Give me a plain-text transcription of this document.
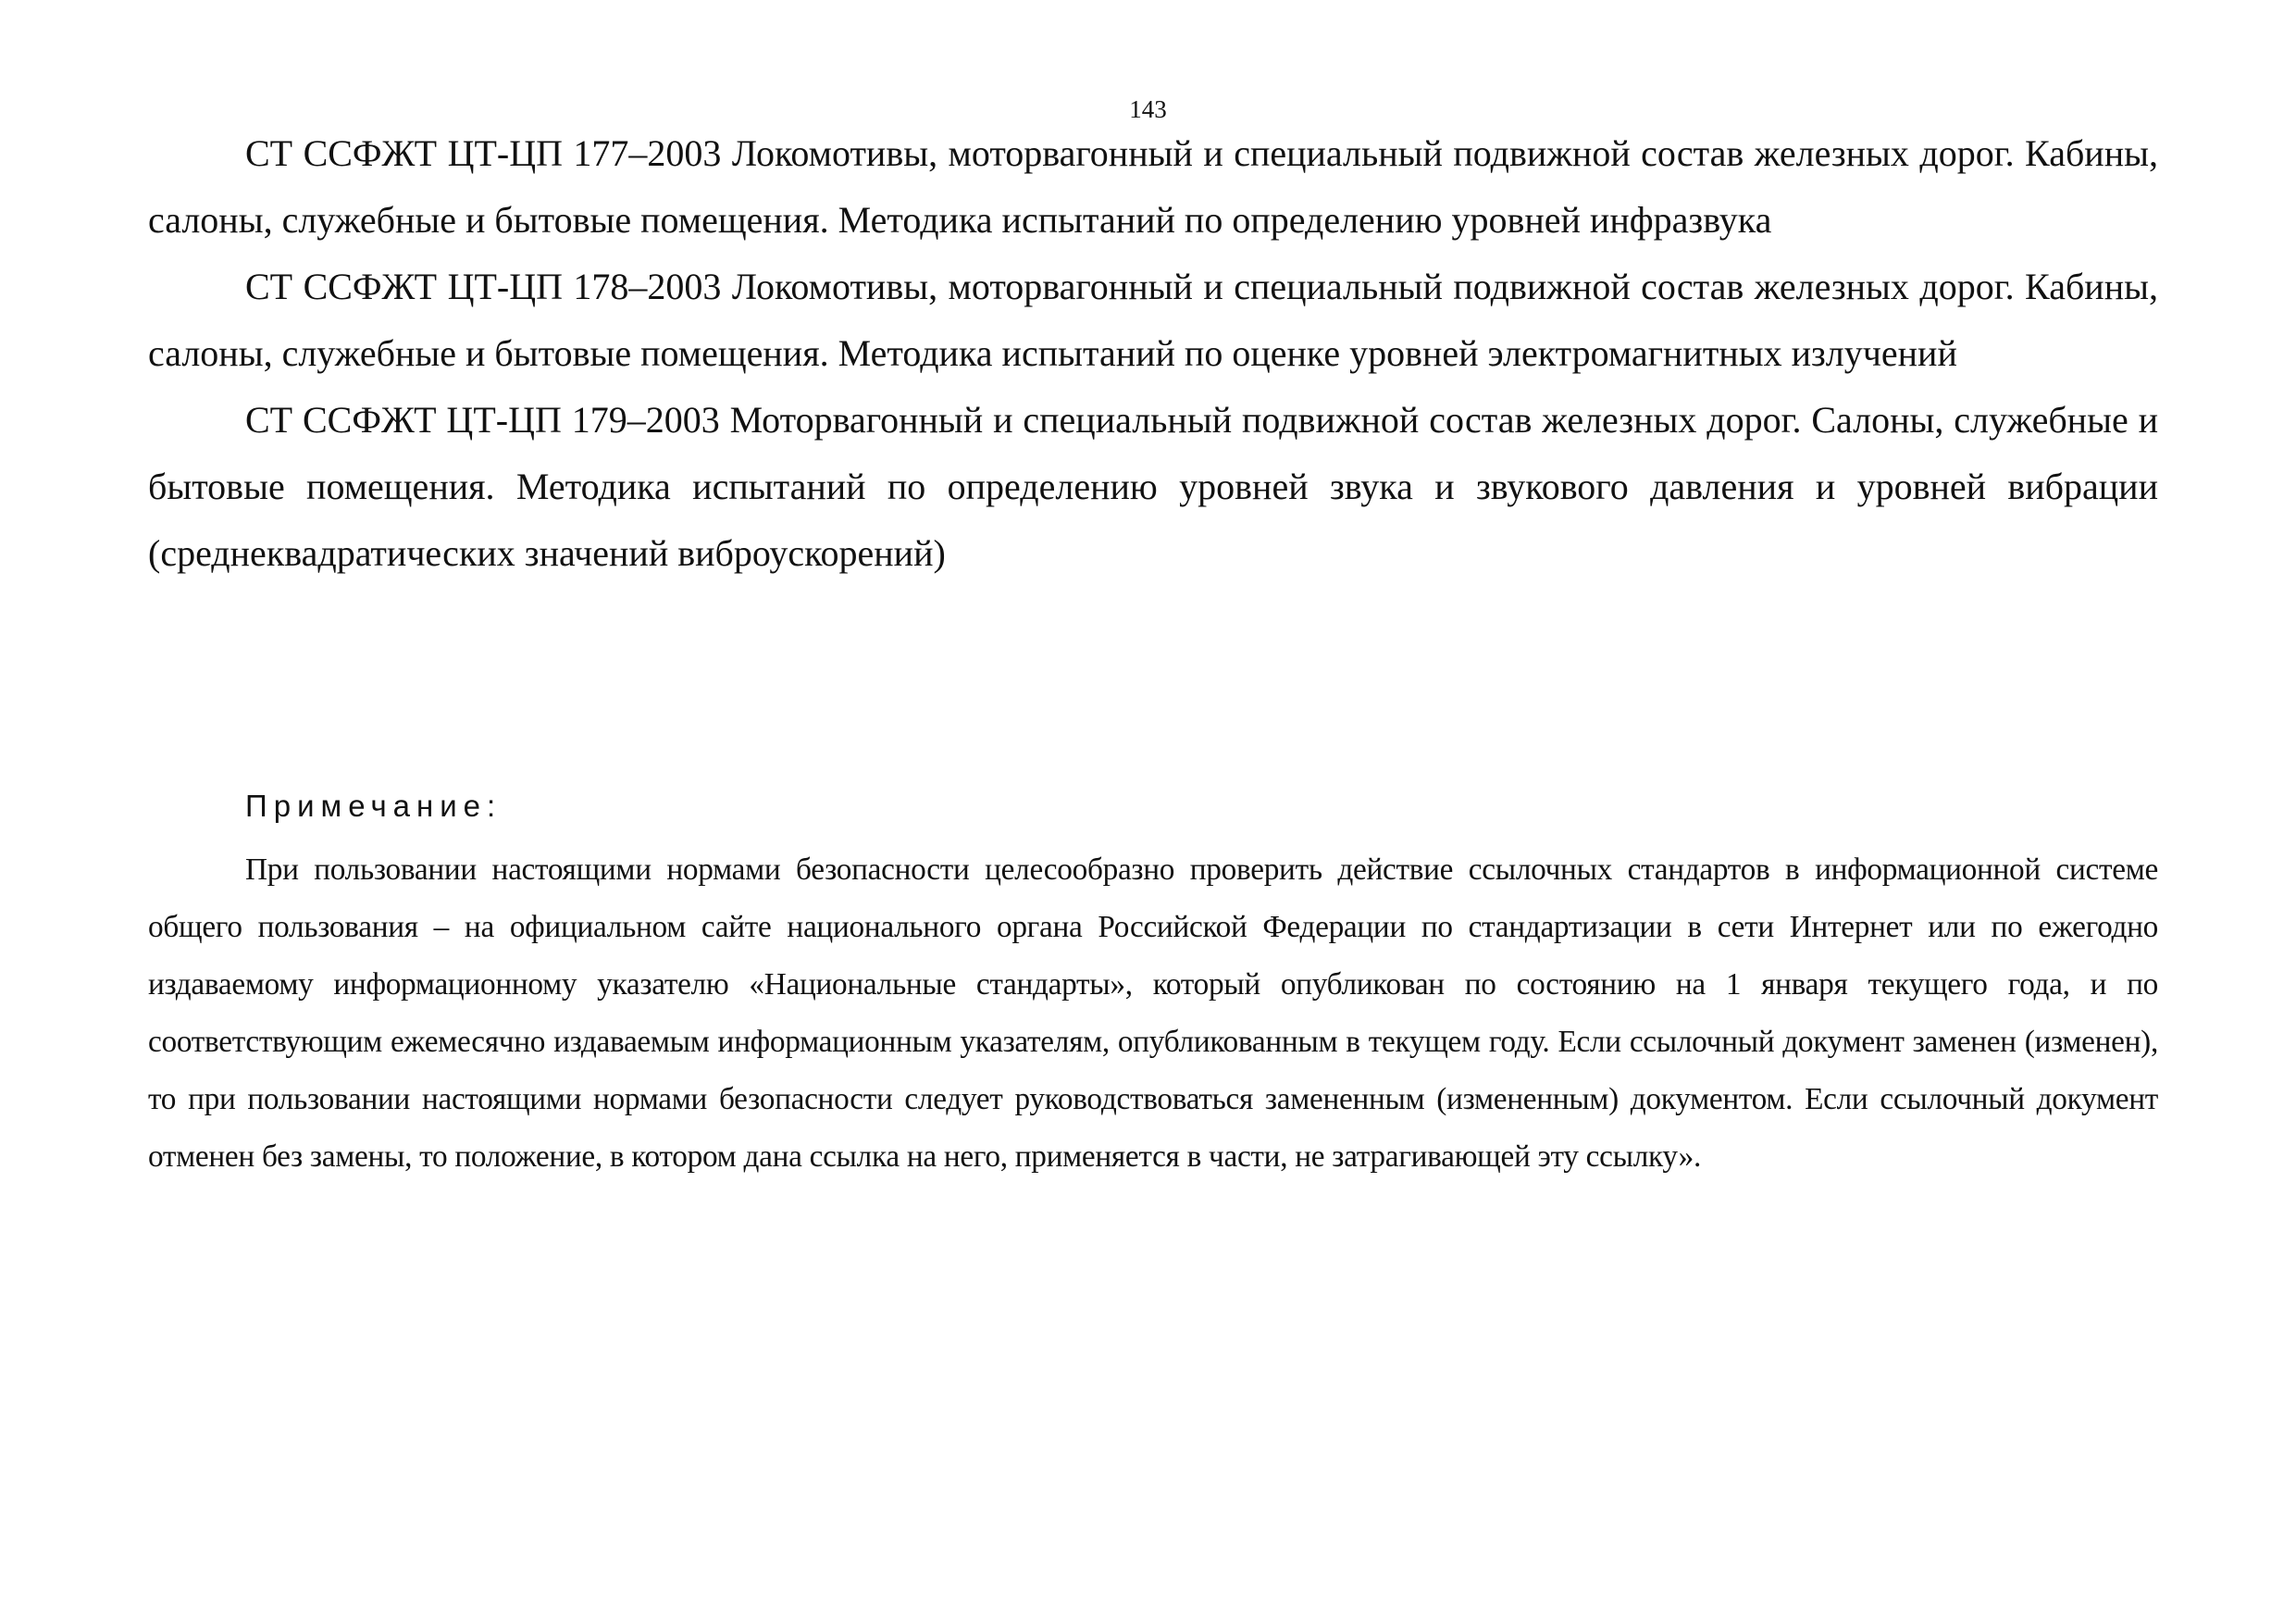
143

СТ ССФЖТ ЦТ-ЦП 177–2003 Локомотивы, моторвагонный и специальный подвижной состав железных дорог. Кабины, салоны, служебные и бытовые помещения. Методика испытаний по определению уровней инфразвука

СТ ССФЖТ ЦТ-ЦП 178–2003 Локомотивы, моторвагонный и специальный подвижной состав железных дорог. Кабины, салоны, служебные и бытовые помещения. Методика испытаний по оценке уровней электромагнитных излучений

СТ ССФЖТ ЦТ-ЦП 179–2003 Моторвагонный и специальный подвижной состав железных дорог. Салоны, служебные и бытовые помещения. Методика испытаний по определению уровней звука и звукового давления и уровней вибрации (среднеквадратических значений виброускорений)

Примечание:

При пользовании настоящими нормами безопасности целесообразно проверить действие ссылочных стандартов в информационной системе общего пользования – на официальном сайте национального органа Российской Федерации по стандартизации в сети Интернет или по ежегодно издаваемому информационному указателю «Национальные стандарты», который опубликован по состоянию на 1 января текущего года, и по соответствующим ежемесячно издаваемым информационным указателям, опубликованным в текущем году. Если ссылочный документ заменен (изменен), то при пользовании настоящими нормами безопасности следует руководствоваться замененным (измененным) документом. Если ссылочный документ отменен без замены, то положение, в котором дана ссылка на него, применяется в части, не затрагивающей эту ссылку».
